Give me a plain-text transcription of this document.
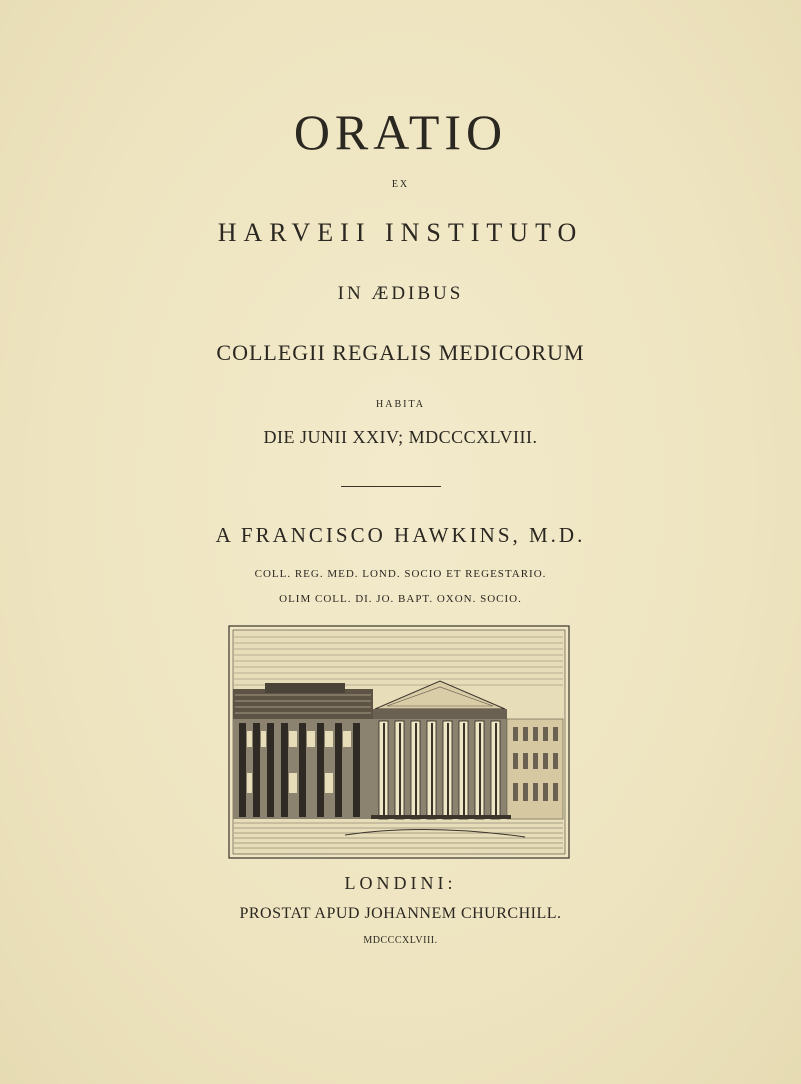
ORATIO
EX
HARVEII INSTITUTO
IN ÆDIBUS
COLLEGII REGALIS MEDICORUM
HABITA
DIE JUNII XXIV; MDCCCXLVIII.
A FRANCISCO HAWKINS, M.D.
COLL. REG. MED. LOND. SOCIO ET REGESTARIO.
OLIM COLL. DI. JO. BAPT. OXON. SOCIO.
LONDINI:
PROSTAT APUD JOHANNEM CHURCHILL.
MDCCCXLVIII.
